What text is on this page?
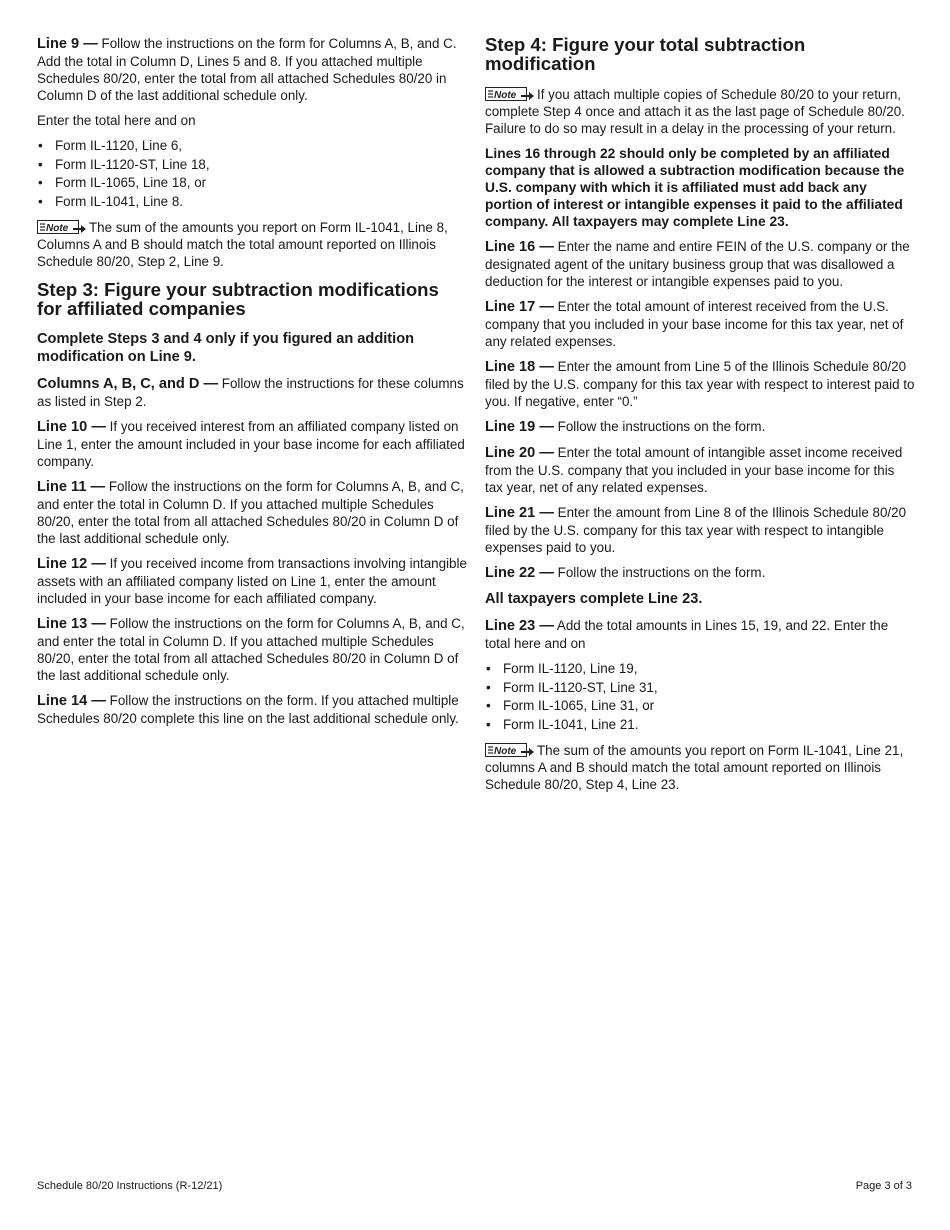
Line 9 — Follow the instructions on the form for Columns A, B, and C. Add the total in Column D, Lines 5 and 8. If you attached multiple Schedules 80/20, enter the total from all attached Schedules 80/20 in Column D of the last additional schedule only.

Enter the total here and on

• Form IL-1120, Line 6,
• Form IL-1120-ST, Line 18,
• Form IL-1065, Line 18, or
• Form IL-1041, Line 8.

Note The sum of the amounts you report on Form IL-1041, Line 8, Columns A and B should match the total amount reported on Illinois Schedule 80/20, Step 2, Line 9.

Step 3: Figure your subtraction modifications for affiliated companies
Complete Steps 3 and 4 only if you figured an addition modification on Line 9.

Columns A, B, C, and D — Follow the instructions for these columns as listed in Step 2.

Line 10 — If you received interest from an affiliated company listed on Line 1, enter the amount included in your base income for each affiliated company.

Line 11 — Follow the instructions on the form for Columns A, B, and C, and enter the total in Column D. If you attached multiple Schedules 80/20, enter the total from all attached Schedules 80/20 in Column D of the last additional schedule only.

Line 12 — If you received income from transactions involving intangible assets with an affiliated company listed on Line 1, enter the amount included in your base income for each affiliated company.

Line 13 — Follow the instructions on the form for Columns A, B, and C, and enter the total in Column D. If you attached multiple Schedules 80/20, enter the total from all attached Schedules 80/20 in Column D of the last additional schedule only.

Line 14 — Follow the instructions on the form. If you attached multiple Schedules 80/20 complete this line on the last additional schedule only.

Step 4: Figure your total subtraction modification

Note If you attach multiple copies of Schedule 80/20 to your return, complete Step 4 once and attach it as the last page of Schedule 80/20. Failure to do so may result in a delay in the processing of your return.

Lines 16 through 22 should only be completed by an affiliated company that is allowed a subtraction modification because the U.S. company with which it is affiliated must add back any portion of interest or intangible expenses it paid to the affiliated company. All taxpayers may complete Line 23.

Line 16 — Enter the name and entire FEIN of the U.S. company or the designated agent of the unitary business group that was disallowed a deduction for the interest or intangible expenses paid to you.

Line 17 — Enter the total amount of interest received from the U.S. company that you included in your base income for this tax year, net of any related expenses.

Line 18 — Enter the amount from Line 5 of the Illinois Schedule 80/20 filed by the U.S. company for this tax year with respect to interest paid to you. If negative, enter “0.”

Line 19 — Follow the instructions on the form.

Line 20 — Enter the total amount of intangible asset income received from the U.S. company that you included in your base income for this tax year, net of any related expenses.

Line 21 — Enter the amount from Line 8 of the Illinois Schedule 80/20 filed by the U.S. company for this tax year with respect to intangible expenses paid to you.

Line 22 — Follow the instructions on the form.

All taxpayers complete Line 23.

Line 23 — Add the total amounts in Lines 15, 19, and 22. Enter the total here and on

• Form IL-1120, Line 19,
• Form IL-1120-ST, Line 31,
• Form IL-1065, Line 31, or
• Form IL-1041, Line 21.

Note The sum of the amounts you report on Form IL-1041, Line 21, columns A and B should match the total amount reported on Illinois Schedule 80/20, Step 4, Line 23.

Schedule 80/20 Instructions (R-12/21)	Page 3 of 3
